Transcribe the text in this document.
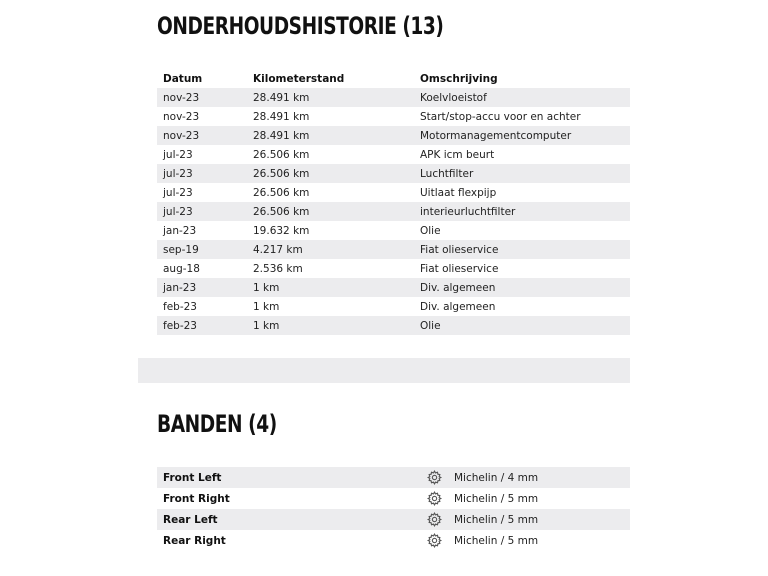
ONDERHOUDSHISTORIE (13)
Datum	Kilometerstand	Omschrijving
nov-23	28.491 km	Koelvloeistof
nov-23	28.491 km	Start/stop-accu voor en achter
nov-23	28.491 km	Motormanagementcomputer
jul-23	26.506 km	APK icm beurt
jul-23	26.506 km	Luchtfilter
jul-23	26.506 km	Uitlaat flexpijp
jul-23	26.506 km	interieurluchtfilter
jan-23	19.632 km	Olie
sep-19	4.217 km	Fiat olieservice
aug-18	2.536 km	Fiat olieservice
jan-23	1 km	Div. algemeen
feb-23	1 km	Div. algemeen
feb-23	1 km	Olie
BANDEN (4)
Front Left	Michelin / 4 mm
Front Right	Michelin / 5 mm
Rear Left	Michelin / 5 mm
Rear Right	Michelin / 5 mm
